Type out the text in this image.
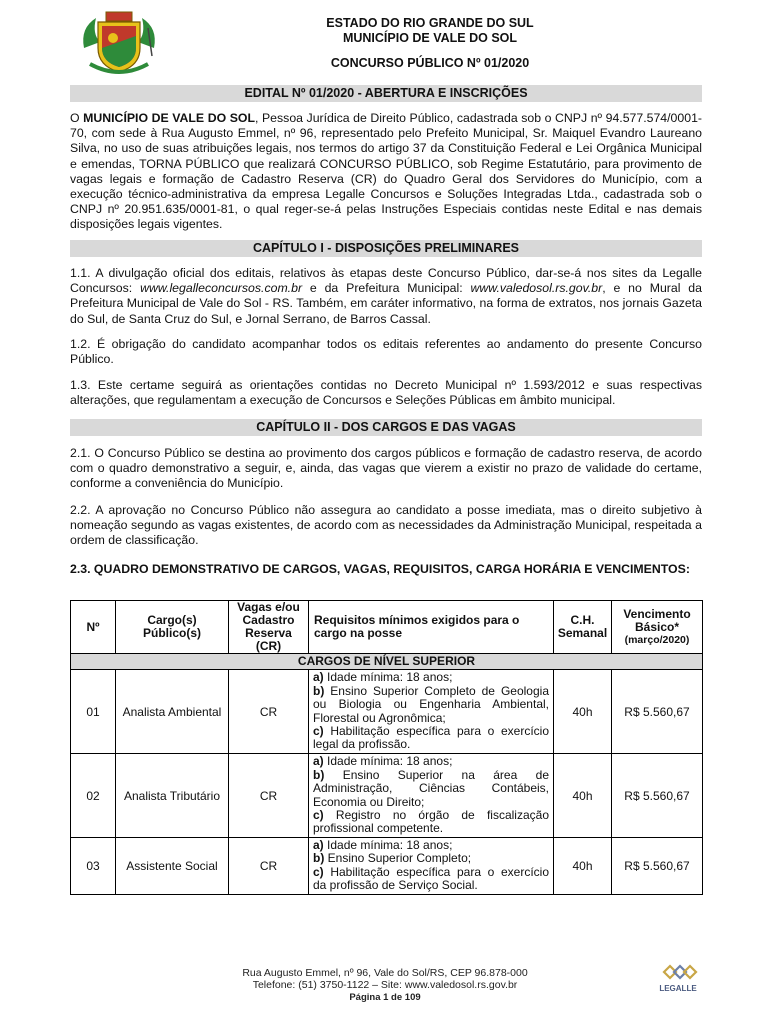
ESTADO DO RIO GRANDE DO SUL
MUNICÍPIO DE VALE DO SOL
CONCURSO PÚBLICO Nº 01/2020
EDITAL Nº 01/2020 - ABERTURA E INSCRIÇÕES
O MUNICÍPIO DE VALE DO SOL, Pessoa Jurídica de Direito Público, cadastrada sob o CNPJ nº 94.577.574/0001-70, com sede à Rua Augusto Emmel, nº 96, representado pelo Prefeito Municipal, Sr. Maiquel Evandro Laureano Silva, no uso de suas atribuições legais, nos termos do artigo 37 da Constituição Federal e Lei Orgânica Municipal e emendas, TORNA PÚBLICO que realizará CONCURSO PÚBLICO, sob Regime Estatutário, para provimento de vagas legais e formação de Cadastro Reserva (CR) do Quadro Geral dos Servidores do Município, com a execução técnico-administrativa da empresa Legalle Concursos e Soluções Integradas Ltda., cadastrada sob o CNPJ nº 20.951.635/0001-81, o qual reger-se-á pelas Instruções Especiais contidas neste Edital e nas demais disposições legais vigentes.
CAPÍTULO I - DISPOSIÇÕES PRELIMINARES
1.1. A divulgação oficial dos editais, relativos às etapas deste Concurso Público, dar-se-á nos sites da Legalle Concursos: www.legalleconcursos.com.br e da Prefeitura Municipal: www.valedosol.rs.gov.br, e no Mural da Prefeitura Municipal de Vale do Sol - RS. Também, em caráter informativo, na forma de extratos, nos jornais Gazeta do Sul, de Santa Cruz do Sul, e Jornal Serrano, de Barros Cassal.
1.2. É obrigação do candidato acompanhar todos os editais referentes ao andamento do presente Concurso Público.
1.3. Este certame seguirá as orientações contidas no Decreto Municipal nº 1.593/2012 e suas respectivas alterações, que regulamentam a execução de Concursos e Seleções Públicas em âmbito municipal.
CAPÍTULO II - DOS CARGOS E DAS VAGAS
2.1. O Concurso Público se destina ao provimento dos cargos públicos e formação de cadastro reserva, de acordo com o quadro demonstrativo a seguir, e, ainda, das vagas que vierem a existir no prazo de validade do certame, conforme a conveniência do Município.
2.2. A aprovação no Concurso Público não assegura ao candidato a posse imediata, mas o direito subjetivo à nomeação segundo as vagas existentes, de acordo com as necessidades da Administração Municipal, respeitada a ordem de classificação.
2.3. QUADRO DEMONSTRATIVO DE CARGOS, VAGAS, REQUISITOS, CARGA HORÁRIA E VENCIMENTOS:
Nº	Cargo(s) Público(s)	Vagas e/ou Cadastro Reserva (CR)	Requisitos mínimos exigidos para o cargo na posse	C.H. Semanal	Vencimento Básico*
(março/2020)

CARGOS DE NÍVEL SUPERIOR					
01	Analista Ambiental	CR	a) Idade mínima: 18 anos;
b) Ensino Superior Completo de Geologia ou Biologia ou Engenharia Ambiental, Florestal ou Agronômica;
c) Habilitação específica para o exercício legal da profissão.	40h	R$ 5.560,67
02	Analista Tributário	CR	a) Idade mínima: 18 anos;
b) Ensino Superior na área de Administração, Ciências Contábeis, Economia ou Direito;
c) Registro no órgão de fiscalização profissional competente.	40h	R$ 5.560,67
03	Assistente Social	CR	a) Idade mínima: 18 anos;
b) Ensino Superior Completo;
c) Habilitação específica para o exercício da profissão de Serviço Social.	40h	R$ 5.560,67
Rua Augusto Emmel, nº 96, Vale do Sol/RS, CEP 96.878-000
Telefone: (51) 3750-1122 – Site: www.valedosol.rs.gov.br
Página 1 de 109
LEGALLE
